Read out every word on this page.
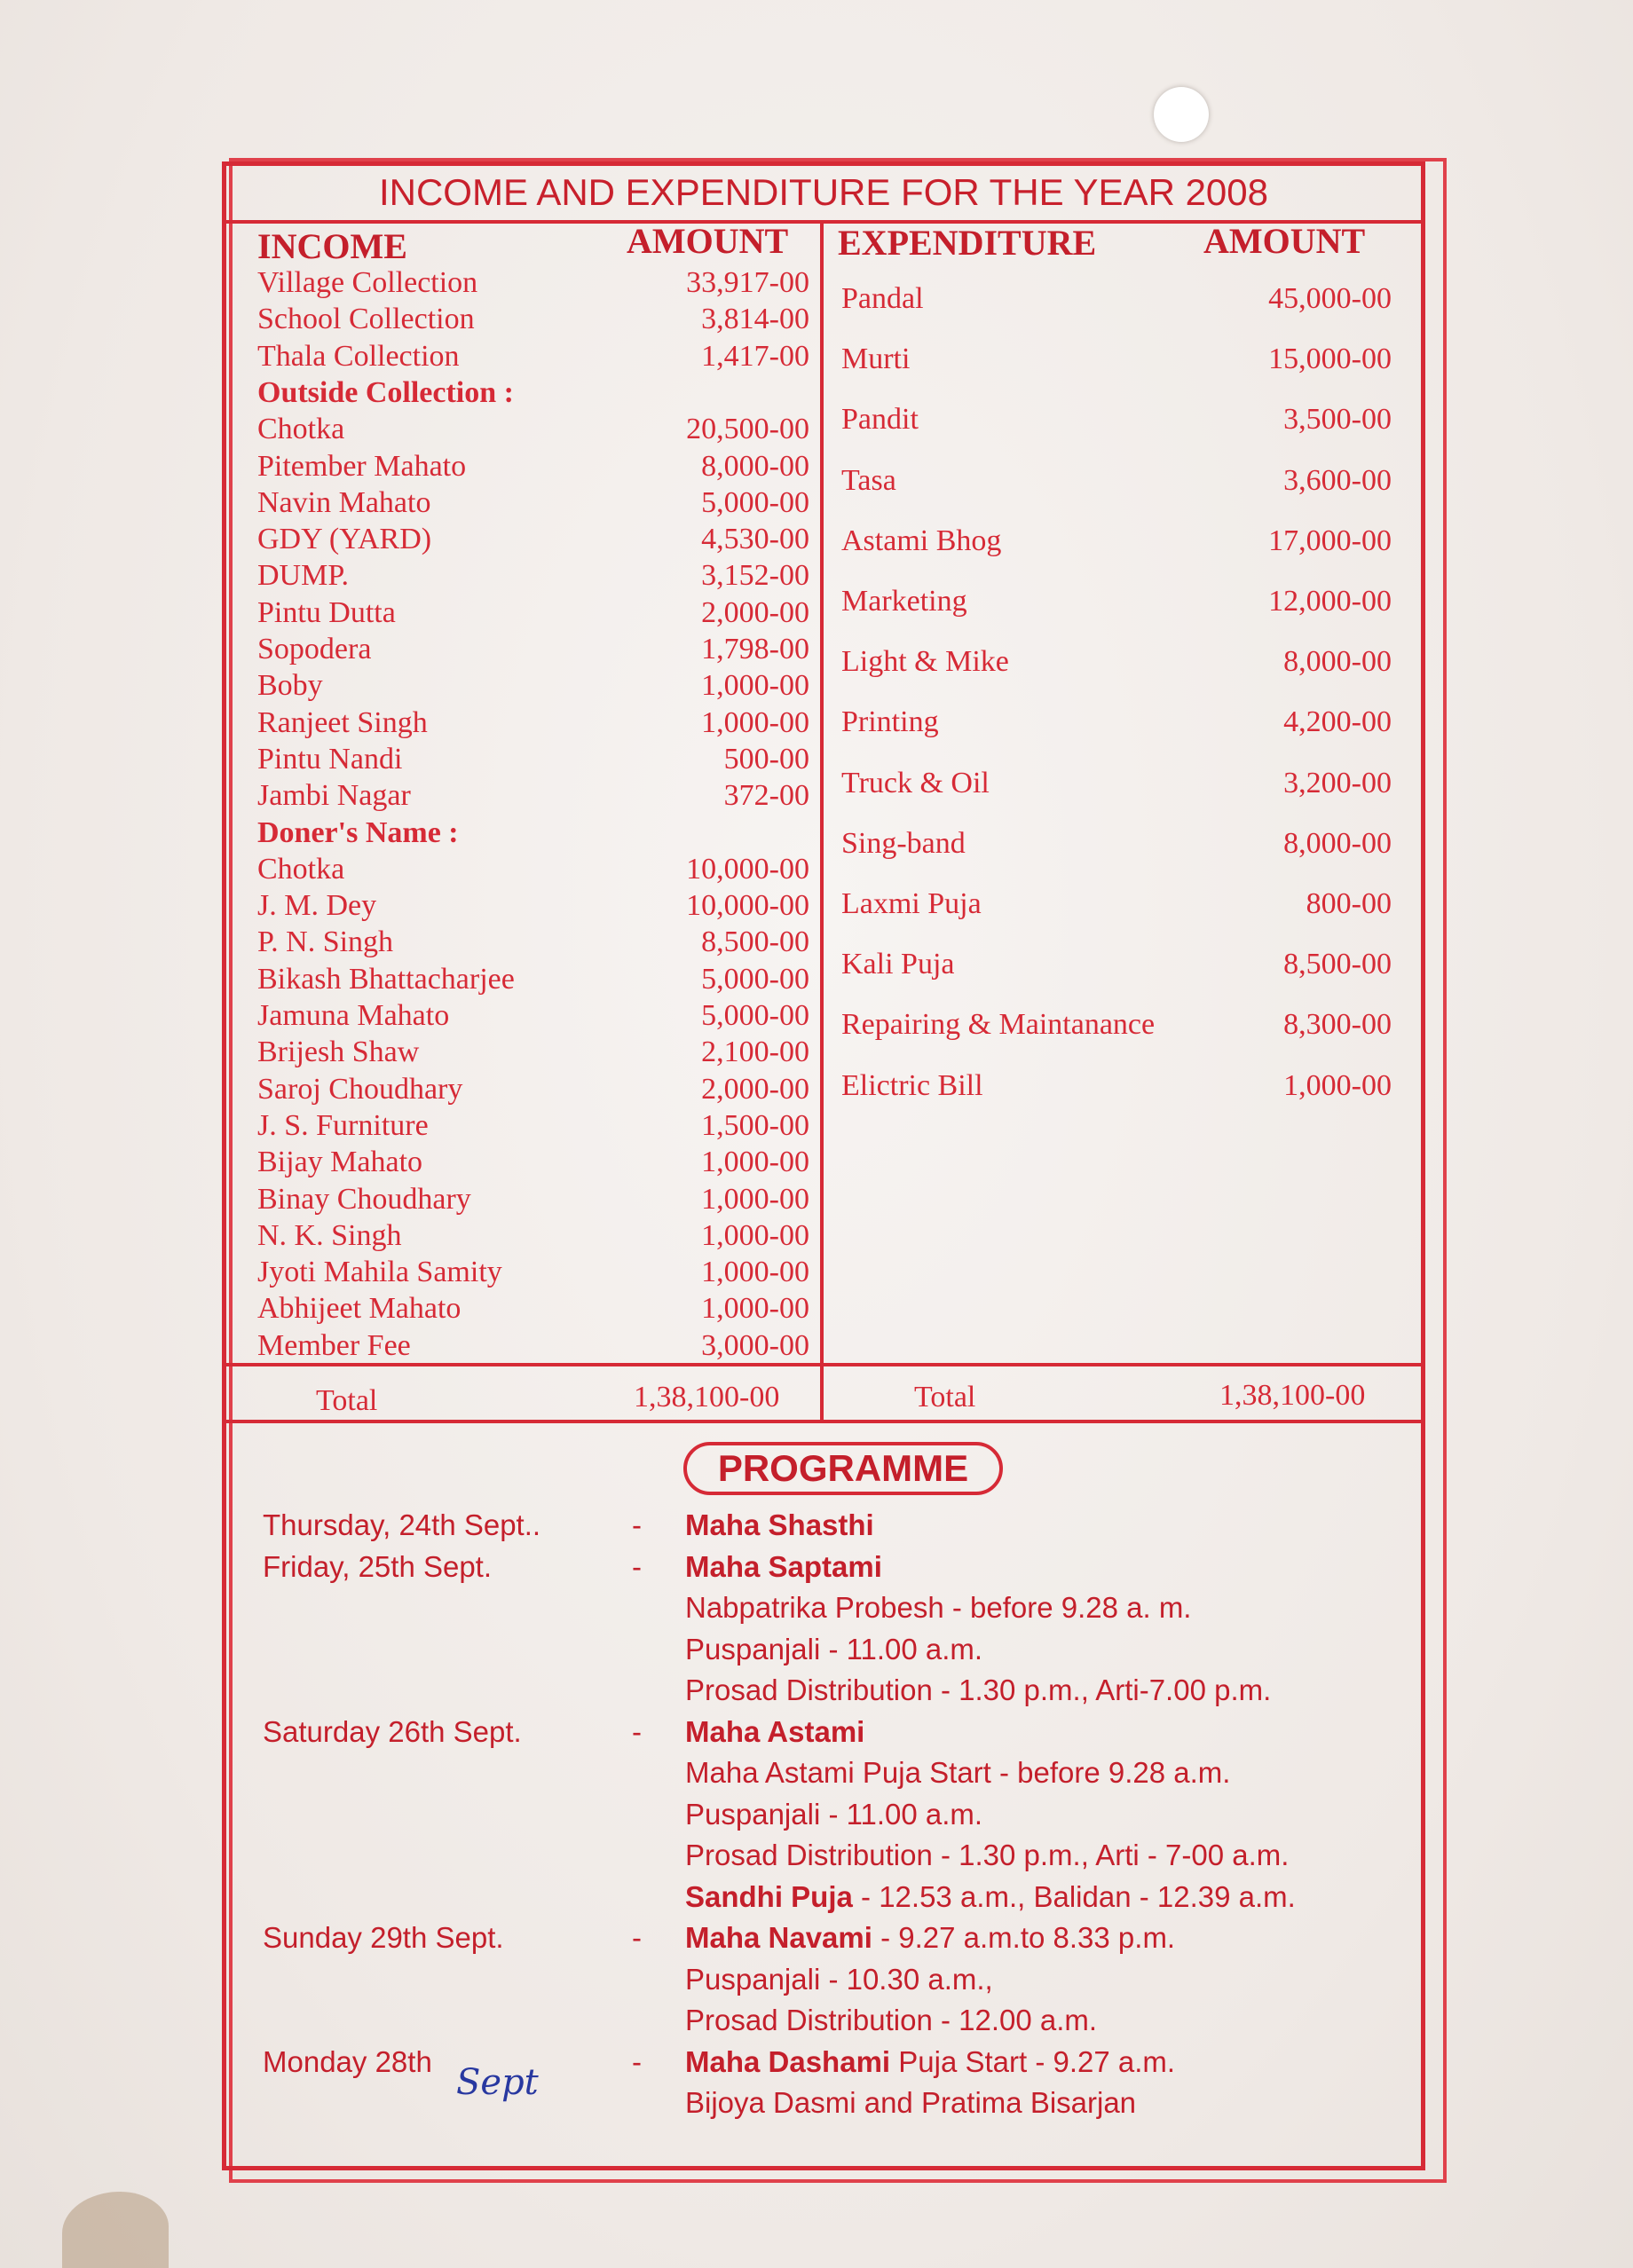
INCOME AND EXPENDITURE FOR THE YEAR 2008
INCOME	AMOUNT EXPENDITURE	AMOUNT
Village Collection	33,917-00
School Collection	3,814-00
Thala Collection	1,417-00
Outside Collection :
Chotka	20,500-00
Pitember Mahato	8,000-00
Navin Mahato	5,000-00
GDY (YARD)	4,530-00
DUMP.	3,152-00
Pintu Dutta	2,000-00
Sopodera	1,798-00
Boby	1,000-00
Ranjeet Singh	1,000-00
Pintu Nandi	500-00
Jambi Nagar	372-00
Doner's Name :
Chotka	10,000-00
J. M. Dey	10,000-00
P. N. Singh	8,500-00
Bikash Bhattacharjee	5,000-00
Jamuna Mahato	5,000-00
Brijesh Shaw	2,100-00
Saroj Choudhary	2,000-00
J. S. Furniture	1,500-00
Bijay Mahato	1,000-00
Binay Choudhary	1,000-00
N. K. Singh	1,000-00
Jyoti Mahila Samity	1,000-00
Abhijeet Mahato	1,000-00
Member Fee	3,000-00
Pandal	45,000-00
Murti	15,000-00
Pandit	3,500-00
Tasa	3,600-00
Astami Bhog	17,000-00
Marketing	12,000-00
Light & Mike	8,000-00
Printing	4,200-00
Truck & Oil	3,200-00
Sing-band	8,000-00
Laxmi Puja	800-00
Kali Puja	8,500-00
Repairing & Maintanance	8,300-00
Elictric Bill	1,000-00
Total	1,38,100-00	Total	1,38,100-00
PROGRAMME
Thursday, 24th Sept..	- Maha Shasthi
Friday, 25th Sept.	- Maha Saptami
Nabpatrika Probesh - before 9.28 a. m.
Puspanjali - 11.00 a.m.
Prosad Distribution - 1.30 p.m., Arti-7.00 p.m.
Saturday 26th Sept.	- Maha Astami
Maha Astami Puja Start - before 9.28 a.m.
Puspanjali - 11.00 a.m.
Prosad Distribution - 1.30 p.m., Arti - 7-00 a.m.
Sandhi Puja - 12.53 a.m., Balidan - 12.39 a.m.
Sunday 29th Sept.	- Maha Navami - 9.27 a.m.to 8.33 p.m.
Puspanjali - 10.30 a.m.,
Prosad Distribution - 12.00 a.m.
Monday 28th	- Maha Dashami Puja Start - 9.27 a.m.
Bijoya Dasmi and Pratima Bisarjan
Sept
